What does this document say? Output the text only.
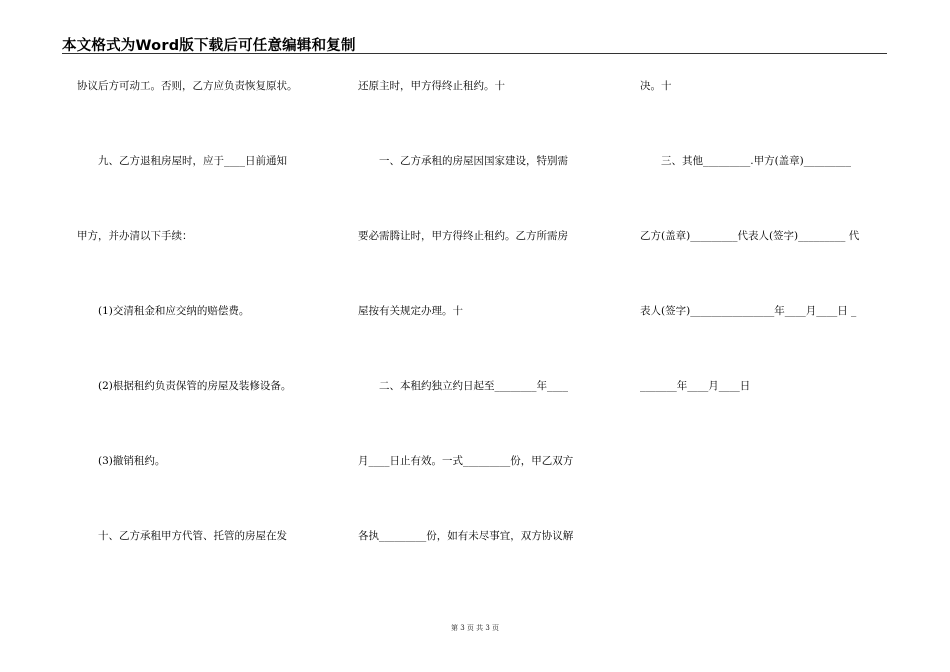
本文格式为Word版下载后可任意编辑和复制
协议后方可动工。否则，乙方应负责恢复原状。
　　九、乙方退租房屋时，应于____日前通知
甲方，并办清以下手续：
　　(1)交清租金和应交纳的赔偿费。
　　(2)根据租约负责保管的房屋及装修设备。
　　(3)撤销租约。
　　十、乙方承租甲方代管、托管的房屋在发
还原主时，甲方得终止租约。十
　　一、乙方承租的房屋因国家建设，特别需
要必需腾让时，甲方得终止租约。乙方所需房
屋按有关规定办理。十
　　二、本租约独立约日起至________年____
月____日止有效。一式_________份，甲乙双方
各执_________份，如有未尽事宜，双方协议解
决。十
　　三、其他_________.甲方(盖章)_________
乙方(盖章)_________代表人(签字)_________ 代
表人(签字)________________年____月____日 _
_______年____月____日
第 3 页 共 3 页
